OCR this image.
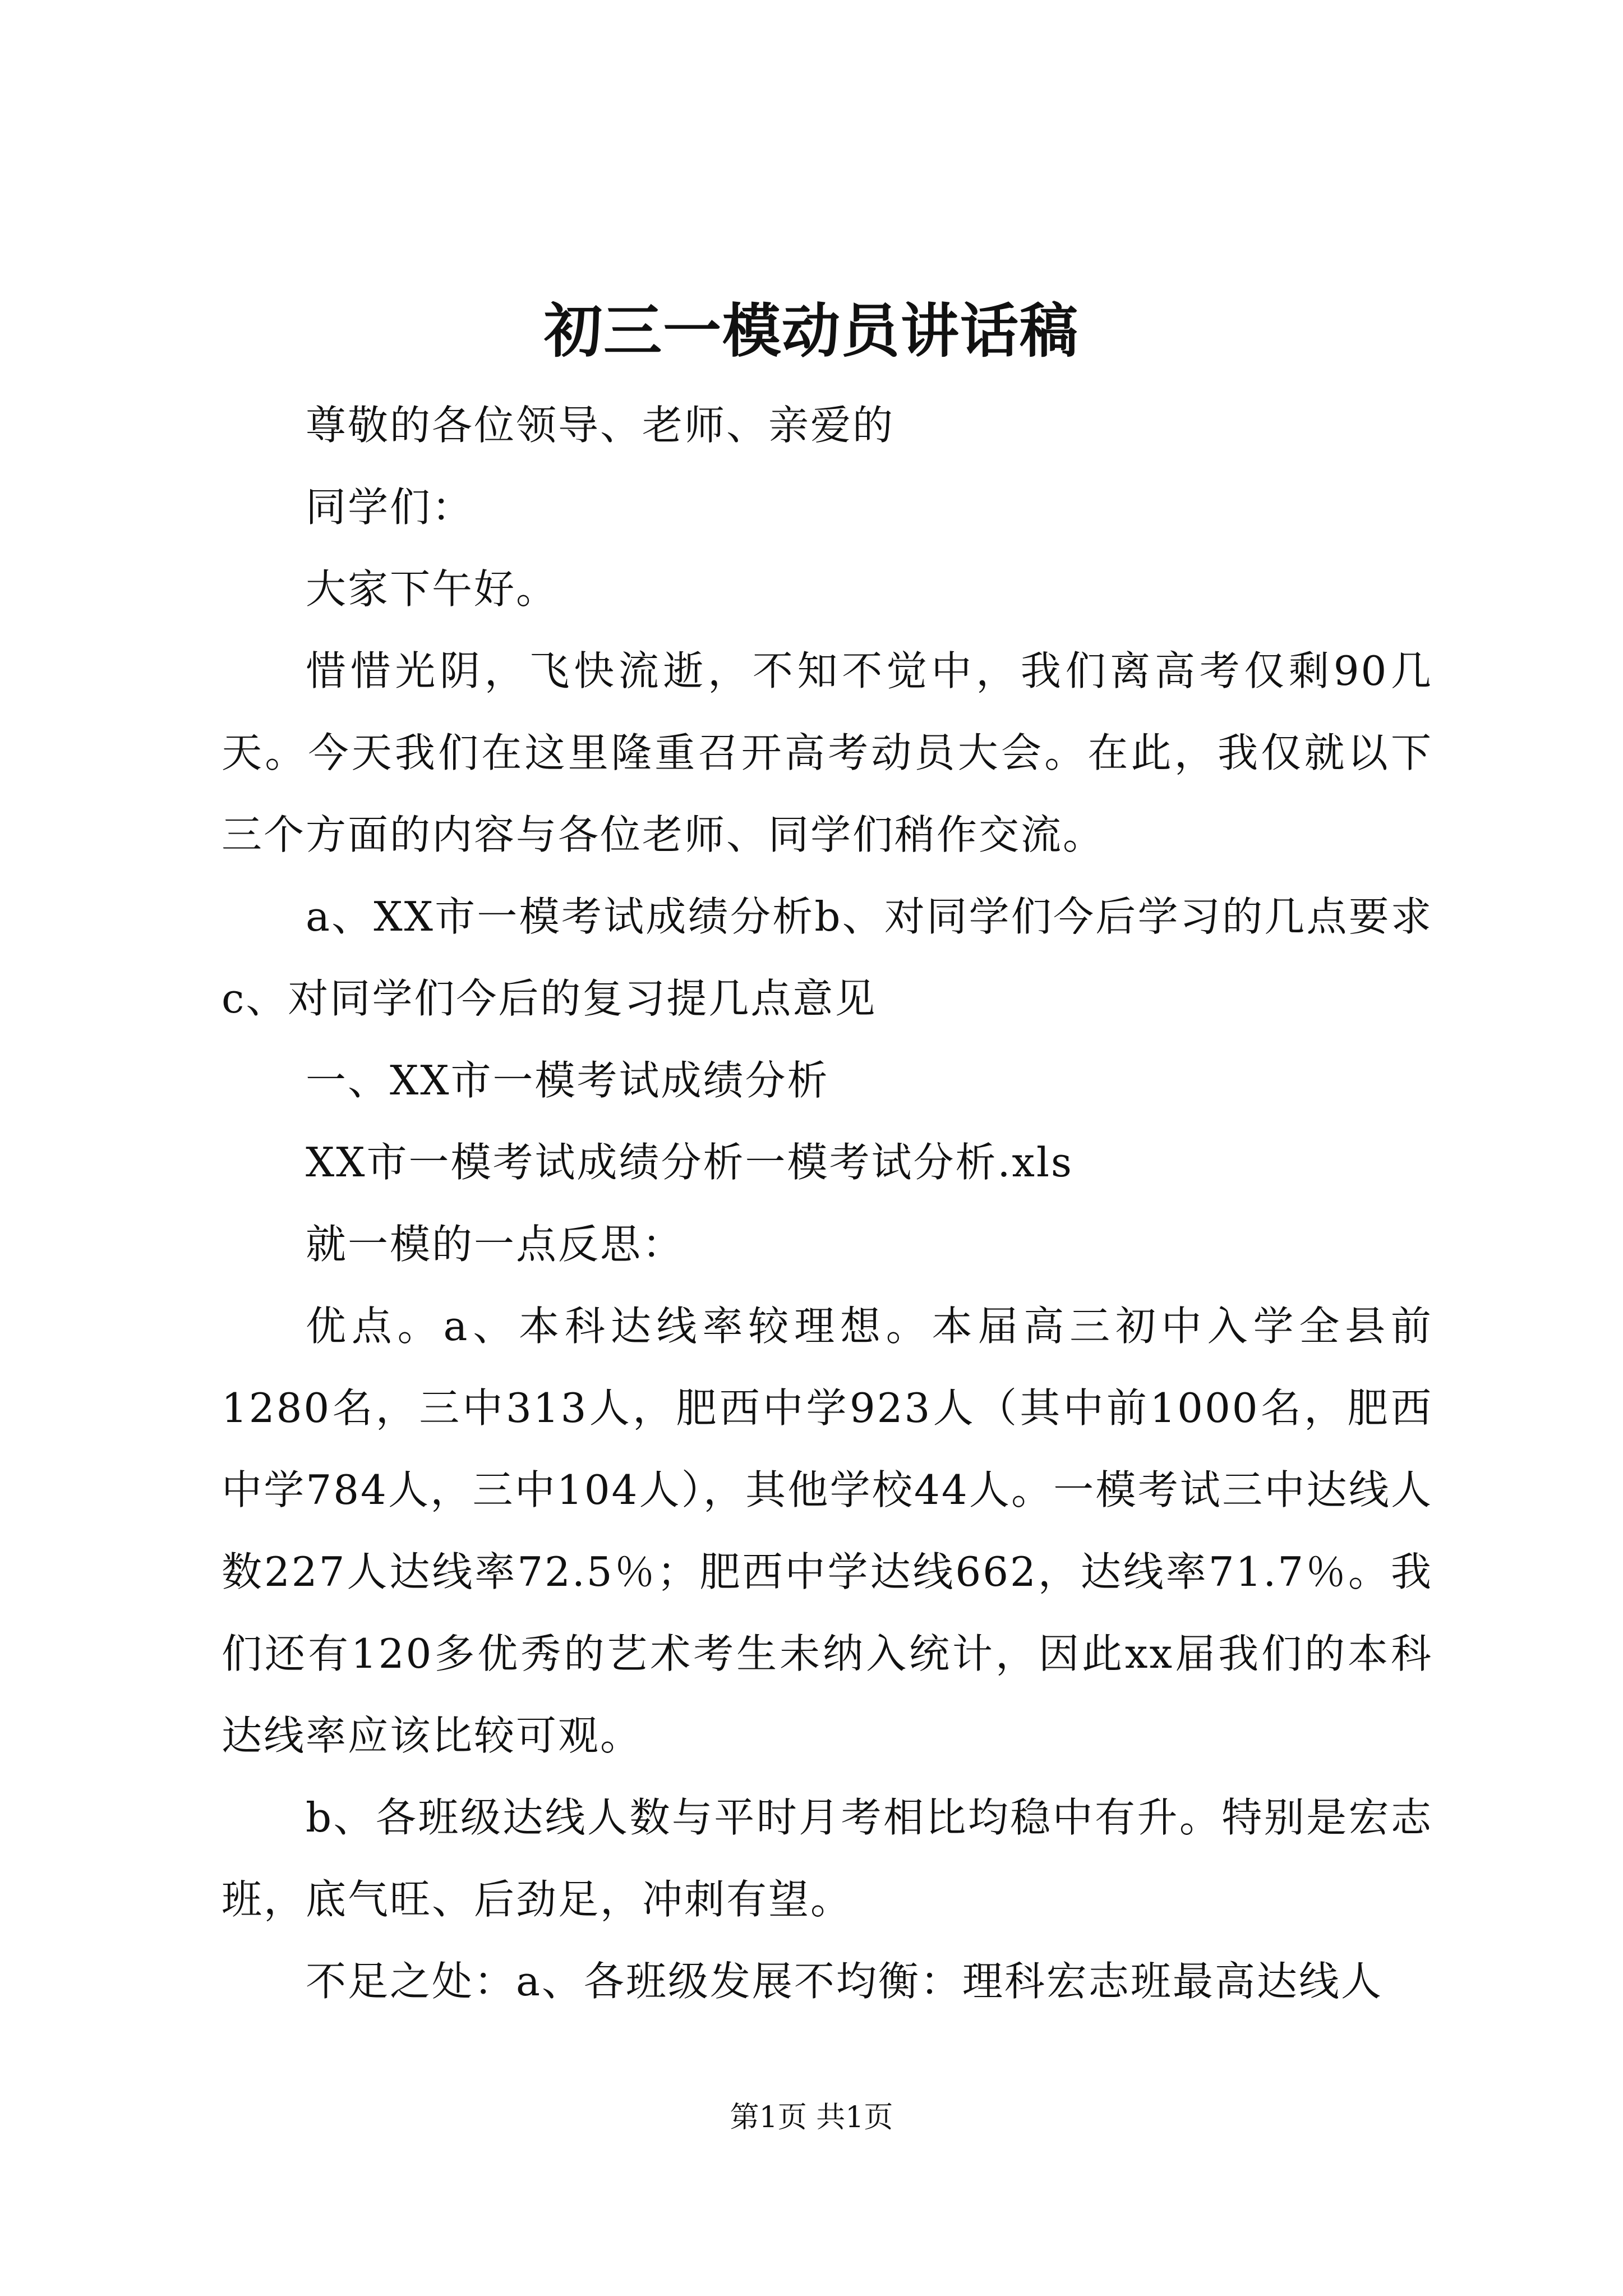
初三一模动员讲话稿

尊敬的各位领导、老师、亲爱的

同学们：

大家下午好。

惜惜光阴，飞快流逝，不知不觉中，我们离高考仅剩90几天。今天我们在这里隆重召开高考动员大会。在此，我仅就以下三个方面的内容与各位老师、同学们稍作交流。

a、XX市一模考试成绩分析b、对同学们今后学习的几点要求c、对同学们今后的复习提几点意见

一、XX市一模考试成绩分析

XX市一模考试成绩分析一模考试分析.xls

就一模的一点反思：

优点。a、本科达线率较理想。本届高三初中入学全县前1280名，三中313人，肥西中学923人（其中前1000名，肥西中学784人，三中104人），其他学校44人。一模考试三中达线人数227人达线率72.5％；肥西中学达线662，达线率71.7％。我们还有120多优秀的艺术考生未纳入统计，因此xx届我们的本科达线率应该比较可观。

b、各班级达线人数与平时月考相比均稳中有升。特别是宏志班，底气旺、后劲足，冲刺有望。

不足之处：a、各班级发展不均衡：理科宏志班最高达线人

第1页 共1页
